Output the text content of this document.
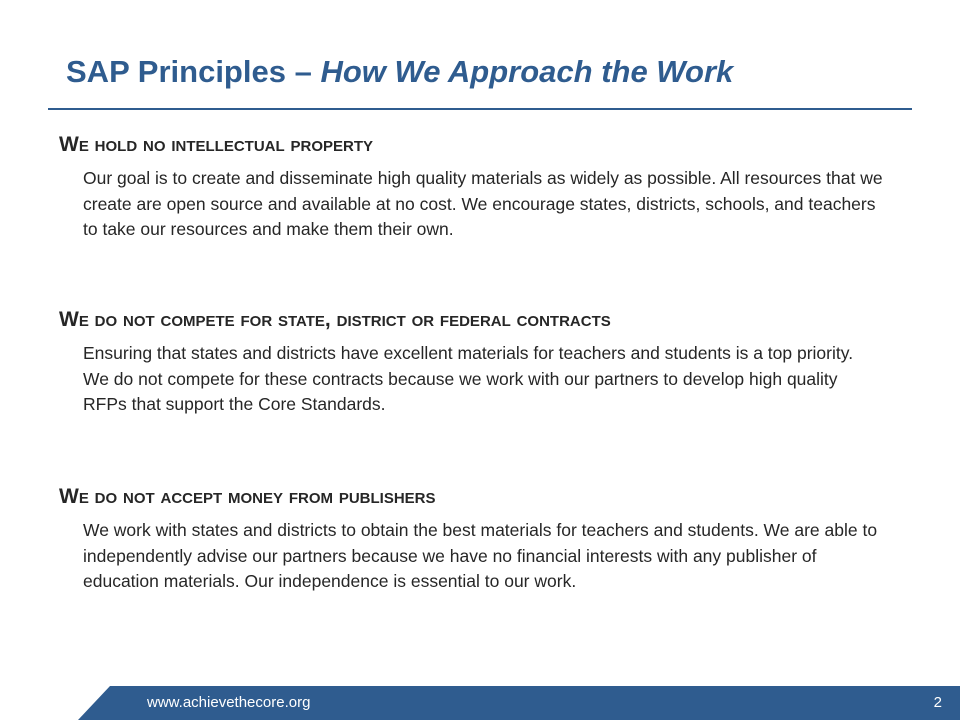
SAP Principles – How We Approach the Work
We hold no intellectual property

Our goal is to create and disseminate high quality materials as widely as possible. All resources that we create are open source and available at no cost. We encourage states, districts, schools, and teachers to take our resources and make them their own.

We do not compete for state, district or federal contracts

Ensuring that states and districts have excellent materials for teachers and students is a top priority. We do not compete for these contracts because we work with our partners to develop high quality RFPs that support the Core Standards.

We do not accept money from publishers

We work with states and districts to obtain the best materials for teachers and students. We are able to independently advise our partners because we have no financial interests with any publisher of education materials. Our independence is essential to our work.

www.achievethecore.org	2
